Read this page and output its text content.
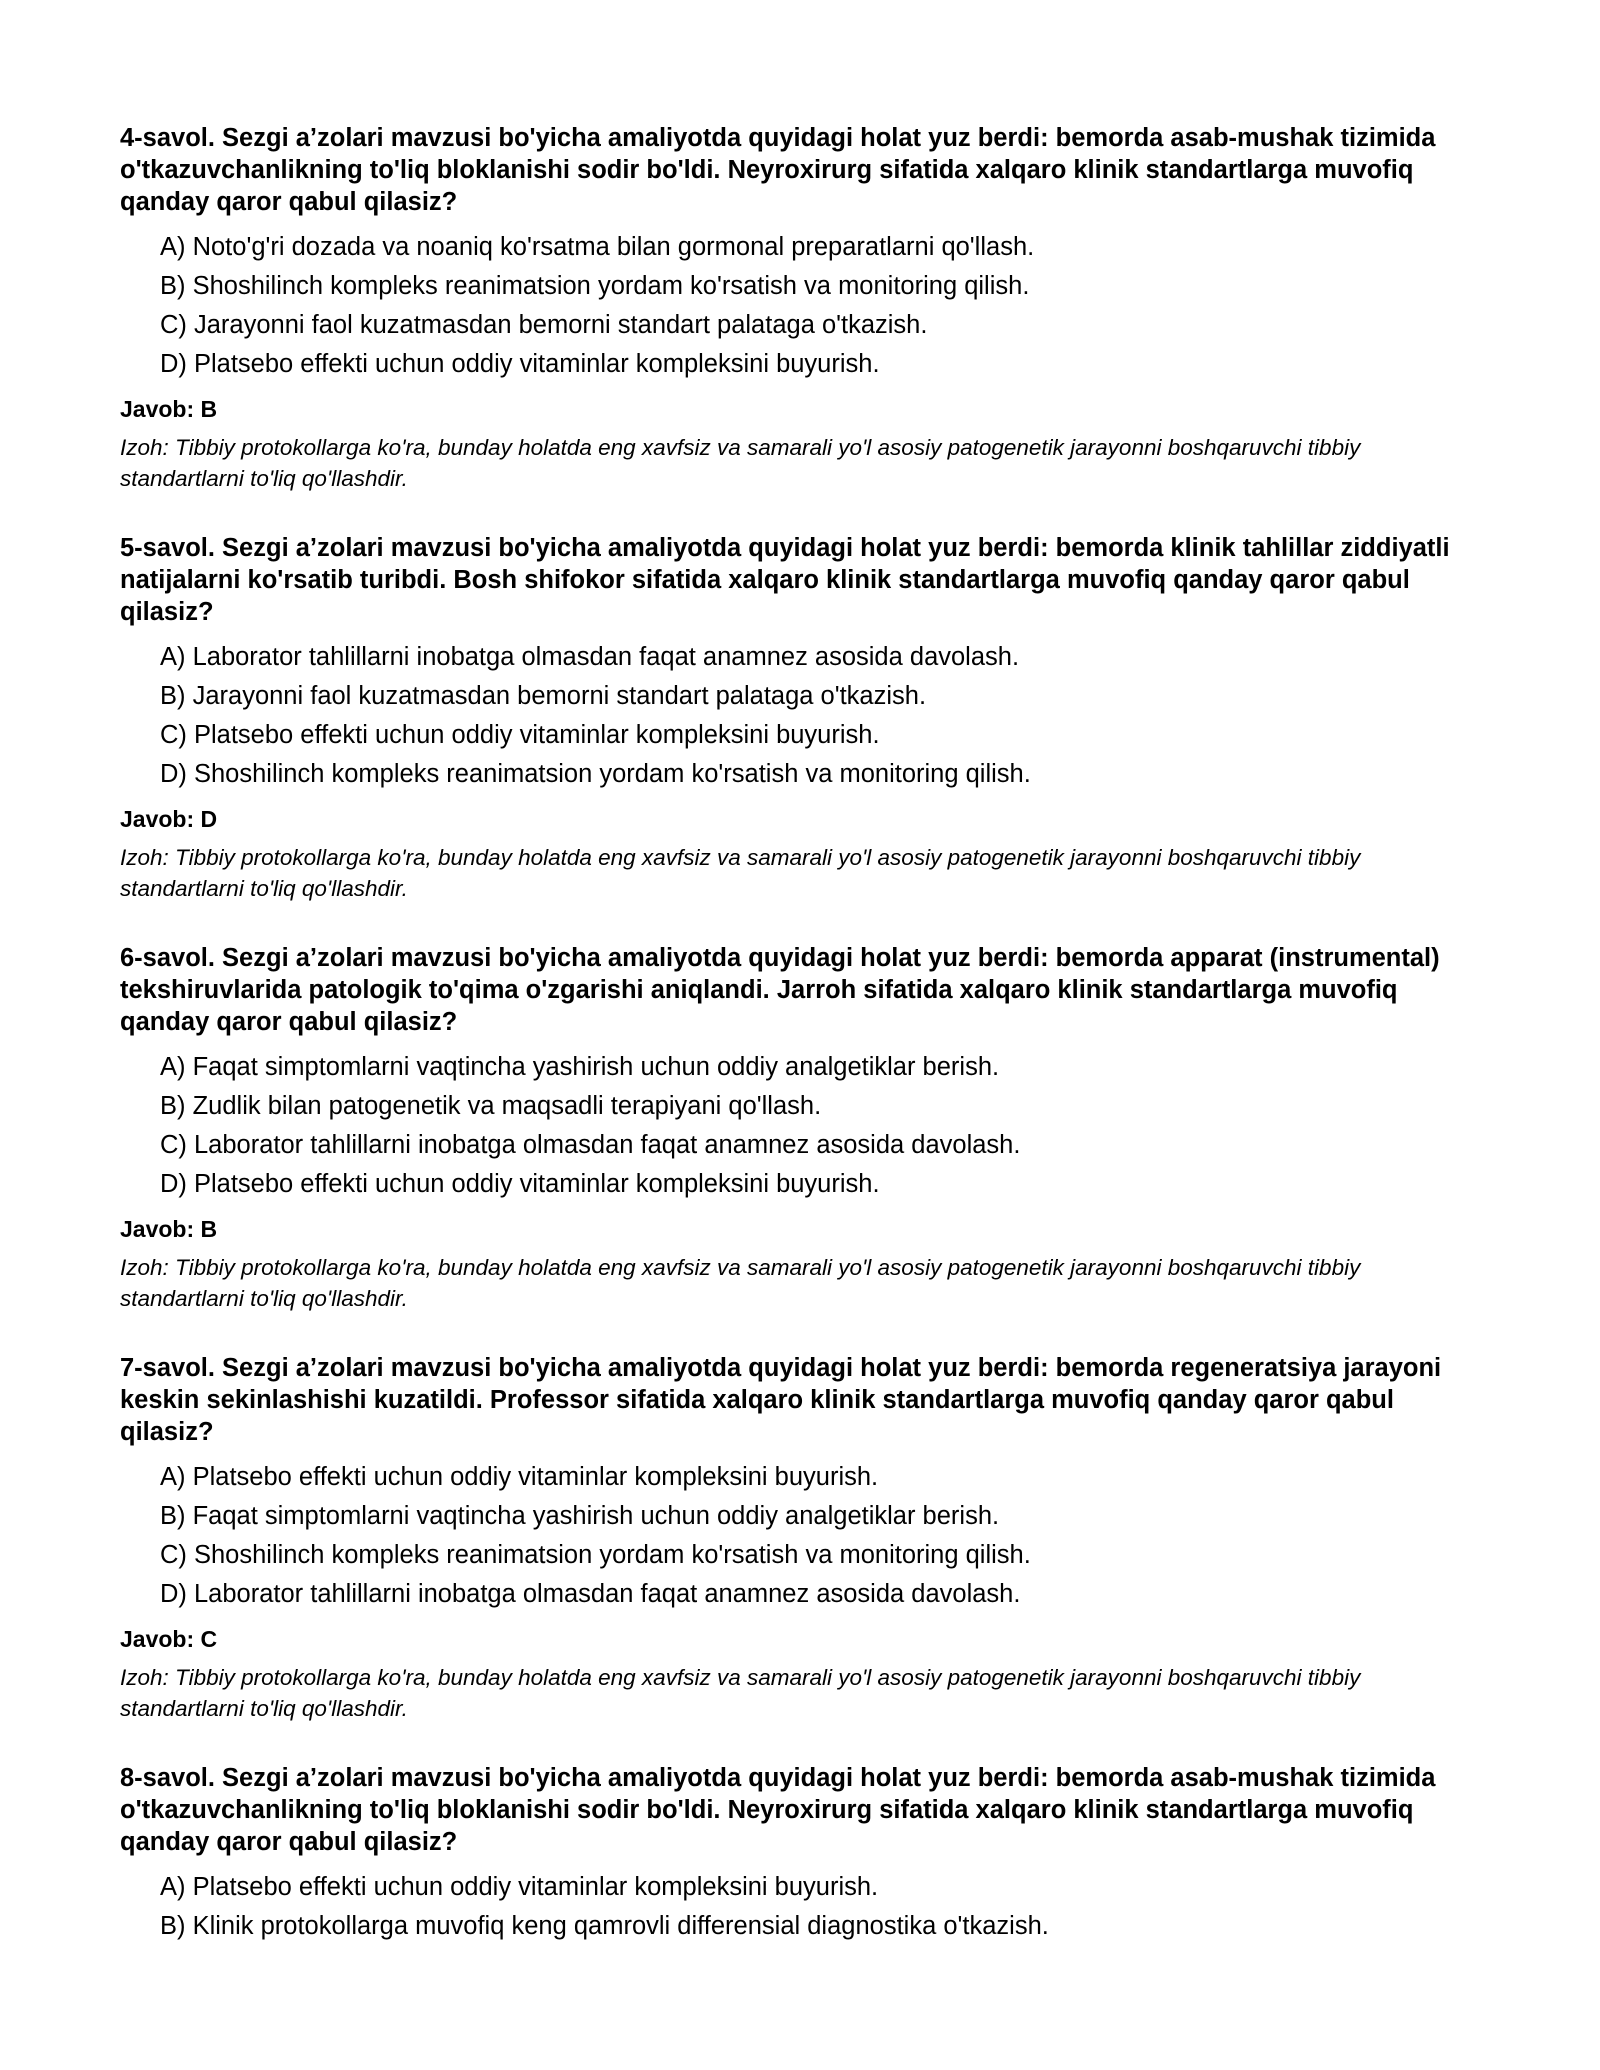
4-savol. Sezgi a’zolari mavzusi bo'yicha amaliyotda quyidagi holat yuz berdi: bemorda asab-mushak tizimida o'tkazuvchanlikning to'liq bloklanishi sodir bo'ldi. Neyroxirurg sifatida xalqaro klinik standartlarga muvofiq qanday qaror qabul qilasiz?

A) Noto'g'ri dozada va noaniq ko'rsatma bilan gormonal preparatlarni qo'llash.
B) Shoshilinch kompleks reanimatsion yordam ko'rsatish va monitoring qilish.
C) Jarayonni faol kuzatmasdan bemorni standart palataga o'tkazish.
D) Platsebo effekti uchun oddiy vitaminlar kompleksini buyurish.

Javob: B

Izoh: Tibbiy protokollarga ko'ra, bunday holatda eng xavfsiz va samarali yo'l asosiy patogenetik jarayonni boshqaruvchi tibbiy standartlarni to'liq qo'llashdir.

5-savol. Sezgi a’zolari mavzusi bo'yicha amaliyotda quyidagi holat yuz berdi: bemorda klinik tahlillar ziddiyatli natijalarni ko'rsatib turibdi. Bosh shifokor sifatida xalqaro klinik standartlarga muvofiq qanday qaror qabul qilasiz?

A) Laborator tahlillarni inobatga olmasdan faqat anamnez asosida davolash.
B) Jarayonni faol kuzatmasdan bemorni standart palataga o'tkazish.
C) Platsebo effekti uchun oddiy vitaminlar kompleksini buyurish.
D) Shoshilinch kompleks reanimatsion yordam ko'rsatish va monitoring qilish.

Javob: D

Izoh: Tibbiy protokollarga ko'ra, bunday holatda eng xavfsiz va samarali yo'l asosiy patogenetik jarayonni boshqaruvchi tibbiy standartlarni to'liq qo'llashdir.

6-savol. Sezgi a’zolari mavzusi bo'yicha amaliyotda quyidagi holat yuz berdi: bemorda apparat (instrumental) tekshiruvlarida patologik to'qima o'zgarishi aniqlandi. Jarroh sifatida xalqaro klinik standartlarga muvofiq qanday qaror qabul qilasiz?

A) Faqat simptomlarni vaqtincha yashirish uchun oddiy analgetiklar berish.
B) Zudlik bilan patogenetik va maqsadli terapiyani qo'llash.
C) Laborator tahlillarni inobatga olmasdan faqat anamnez asosida davolash.
D) Platsebo effekti uchun oddiy vitaminlar kompleksini buyurish.

Javob: B

Izoh: Tibbiy protokollarga ko'ra, bunday holatda eng xavfsiz va samarali yo'l asosiy patogenetik jarayonni boshqaruvchi tibbiy standartlarni to'liq qo'llashdir.

7-savol. Sezgi a’zolari mavzusi bo'yicha amaliyotda quyidagi holat yuz berdi: bemorda regeneratsiya jarayoni keskin sekinlashishi kuzatildi. Professor sifatida xalqaro klinik standartlarga muvofiq qanday qaror qabul qilasiz?

A) Platsebo effekti uchun oddiy vitaminlar kompleksini buyurish.
B) Faqat simptomlarni vaqtincha yashirish uchun oddiy analgetiklar berish.
C) Shoshilinch kompleks reanimatsion yordam ko'rsatish va monitoring qilish.
D) Laborator tahlillarni inobatga olmasdan faqat anamnez asosida davolash.

Javob: C

Izoh: Tibbiy protokollarga ko'ra, bunday holatda eng xavfsiz va samarali yo'l asosiy patogenetik jarayonni boshqaruvchi tibbiy standartlarni to'liq qo'llashdir.

8-savol. Sezgi a’zolari mavzusi bo'yicha amaliyotda quyidagi holat yuz berdi: bemorda asab-mushak tizimida o'tkazuvchanlikning to'liq bloklanishi sodir bo'ldi. Neyroxirurg sifatida xalqaro klinik standartlarga muvofiq qanday qaror qabul qilasiz?

A) Platsebo effekti uchun oddiy vitaminlar kompleksini buyurish.
B) Klinik protokollarga muvofiq keng qamrovli differensial diagnostika o'tkazish.
